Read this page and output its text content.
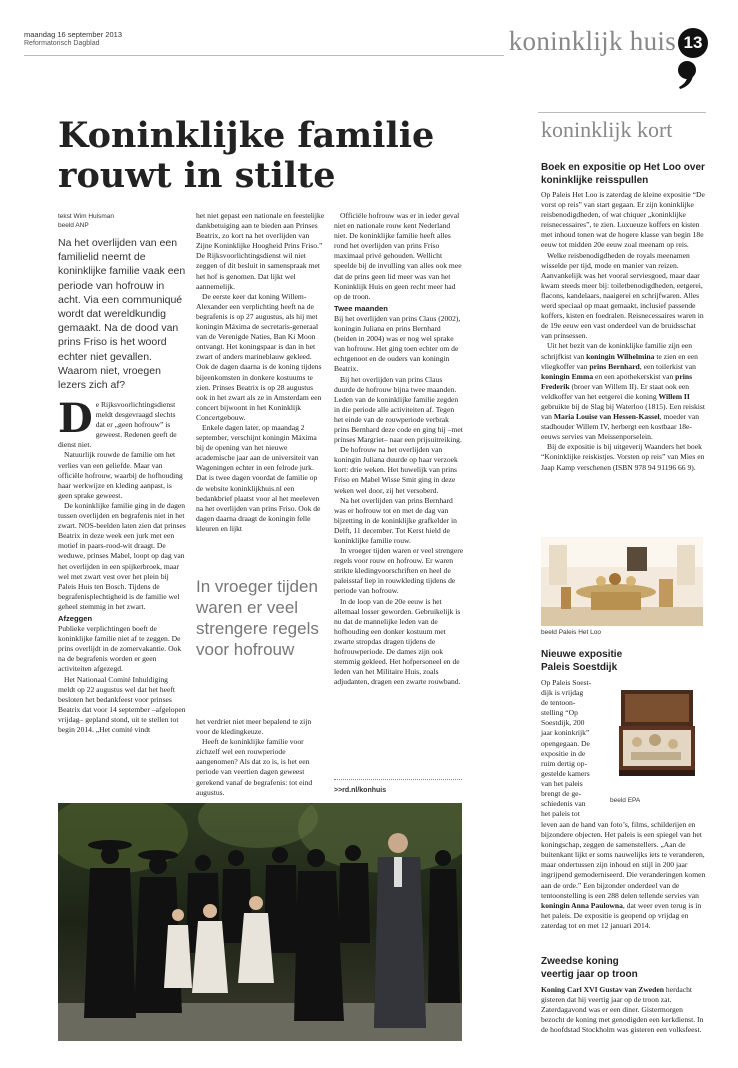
maandag 16 september 2013
Reformatorisch Dagblad	koninklijk huis 13
Koninklijke familie
rouwt in stilte
tekst Wim Hulsman
beeld ANP
Na het overlijden van een familielid neemt de koninklijke familie vaak een periode van hofrouw in acht. Via een communiqué wordt dat wereldkundig gemaakt. Na de dood van prins Friso is het woord echter niet gevallen. Waarom niet, vroegen lezers zich af?

De Rijksvoorlichtingsdienst meldt desgevraagd slechts dat er „geen hofrouw” is geweest. Redenen geeft de dienst niet.

Natuurlijk rouwde de familie om het verlies van een geliefde. Maar van officiële hofrouw, waarbij de hofhouding haar werkwijze en kleding aanpast, is geen sprake geweest.

De koninklijke familie ging in de dagen tussen overlijden en begrafenis niet in het zwart. NOS-beelden laten zien dat prinses Beatrix in deze week een jurk met een motief in paars-rood-wit draagt. De weduwe, prinses Mabel, loopt op dag van het overlijden in een spijkerbroek, maar wel met zwart vest over het plein bij Paleis Huis ten Bosch. Tijdens de begrafenisplechtigheid is de familie wel geheel stemmig in het zwart.

Afzeggen

Publieke verplichtingen boeft de koninklijke familie niet af te zeggen. De prins overlijdt in de zomervakantie. Ook na de begrafenis worden er geen activiteiten afgezegd.

Het Nationaal Comité Inhuldiging meldt op 22 augustus wel dat het heeft besloten het bedankfeest voor prinses Beatrix dat voor 14 september –afgelopen vrijdag– gepland stond, uit te stellen tot begin 2014. „Het comité vindt

het niet gepast een nationale en feestelijke dankbetuiging aan te bieden aan Prinses Beatrix, zo kort na het overlijden van Zijne Koninklijke Hoogheid Prins Friso.” De Rijksvoorlichtingsdienst wil niet zeggen of dit besluit in samenspraak met het hof is genomen. Dat lijkt wel aannemelijk.

De eerste keer dat koning Willem-Alexander een verplichting heeft na de begrafenis is op 27 augustus, als hij met koningin Máxima de secretaris-generaal van de Verenigde Naties, Ban Ki Moon ontvangt. Het koningspaar is dan in het zwart of anders marineblauw gekleed. Ook de dagen daarna is de koning tijdens bijeenkomsten in donkere kostuums te zien. Prinses Beatrix is op 28 augustus ook in het zwart als ze in Amsterdam een concert bijwoont in het Koninklijk Concertgebouw.

Enkele dagen later, op maandag 2 september, verschijnt koningin Máxima bij de opening van het nieuwe academische jaar aan de universiteit van Wageningen echter in een felrode jurk. Dat is twee dagen voordat de familie op de website koninklijkhuis.nl een bedankbrief plaatst voor al het meeleven na het overlijden van prins Friso. Ook de dagen daarna draagt de koningin felle kleuren en lijkt

In vroeger tijden waren er veel strengere regels voor hofrouw

het verdriet niet meer bepalend te zijn voor de kledingkeuze.

Heeft de koninklijke familie voor zichzelf wel een rouwperiode aangenomen? Als dat zo is, is het een periode van veertien dagen geweest gerekend vanaf de begrafenis: tot eind augustus.

Officiële hofrouw was er in ieder geval niet en nationale rouw kent Nederland niet. De koninklijke familie heeft alles rond het overlijden van prins Friso maximaal privé gehouden. Wellicht speelde bij de invulling van alles ook mee dat de prins geen lid meer was van het Koninklijk Huis en geen recht meer had op de troon.

Twee maanden

Bij het overlijden van prins Claus (2002), koningin Juliana en prins Bernhard (beiden in 2004) was er nog wel sprake van hofrouw. Het ging toen echter om de echtgenoot en de ouders van koningin Beatrix.

Bij het overlijden van prins Claus duurde de hofrouw bijna twee maanden. Leden van de koninklijke familie zegden in die periode alle activiteiten af. Tegen het einde van de rouwperiode verbrak prins Bernhard deze code en ging hij –met prinses Margriet– naar een prijsuitreiking.

De hofrouw na het overlijden van koningin Juliana duurde op haar verzoek kort: drie weken. Het huwelijk van prins Friso en Mabel Wisse Smit ging in deze weken wel door, zij het versoberd.

Na het overlijden van prins Bernhard was er hofrouw tot en met de dag van bijzetting in de koninklijke grafkelder in Delft, 11 december. Tot Kerst hield de koninklijke familie rouw.

In vroeger tijden waren er veel strengere regels voor rouw en hofrouw. Er waren strikte kledingvoorschriften en heel de paleisstaf liep in rouwkleding tijdens de periode van hofrouw.

In de loop van de 20e eeuw is het allemaal losser geworden. Gebruikelijk is nu dat de mannelijke leden van de hofhouding een donker kostuum met zwarte stropdas dragen tijdens de hofrouwperiode. De dames zijn ook stemmig gekleed. Het hofpersoneel en de leden van het Militaire Huis, zoals adjudanten, dragen een zwarte rouwband.

>>rd.nl/konhuis
koninklijk kort
Boek en expositie op Het Loo over koninklijke reisspullen

Op Paleis Het Loo is zaterdag de kleine expositie “De vorst op reis” van start gegaan. Er zijn koninklijke reisbenodigdheden, of wat chiquer „koninklijke reisnecessaires”, te zien. Luxueuze koffers en kisten met inhoud tonen wat de hogere klasse van begin 18e eeuw tot midden 20e eeuw zoal meenam op reis.

Welke reisbenodigdheden de royals meenamen wisselde per tijd, mode en manier van reizen. Aanvankelijk was het vooral serviesgoed, maar daar kwam steeds meer bij: toiletbenodigdheden, eetgerei, flacons, kandelaars, naaigerei en schrijfwaren. Alles werd speciaal op maat gemaakt, inclusief passende koffers, kisten en foedralen. Reisnecessaires waren in de 19e eeuw een vast onderdeel van de bruidsschat van prinsessen.

Uit het bezit van de koninklijke familie zijn een schrijfkist van koningin Wilhelmina te zien en een vliegkoffer van prins Bernhard, een toilerkist van koningin Emma en een apothekerskist van prins Frederik (broer van Willem II). Er staat ook een veldkoffer van het eetgerei die koning Willem II gebruikte bij de Slag bij Waterloo (1815). Een reiskist van Maria Louise van Hessen-Kassel, moeder van stadhouder Willem IV, herbergt een kostbaar 18e-eeuws servies van Meissenporselein.

Bij de expositie is bij uitgeverij Waanders het boek “Koninklijke reiskistjes. Vorsten op reis” van Mies en Jaap Kamp verschenen (ISBN 978 94 91196 66 9).

beeld Paleis Het Loo
Nieuwe expositie
Paleis Soestdijk
Op Paleis Soest-
dijk is vrijdag
de tentoon-
stelling “Op
Soestdijk, 200
jaar koninkrijk”
opengegaan. De
expositie in de
ruim dertig op-
gestelde kamers
van het paleis
brengt de ge-
schiedenis van
het paleis tot
beeld EPA

leven aan de hand van foto’s, films, schilderijen en bijzondere objecten. Het paleis is een spiegel van het koningschap, zeggen de samenstellers. „Aan de buitenkant lijkt er soms nauwelijks iets te veranderen, maar ondertussen zijn inhoud en stijl in 200 jaar ingrijpend gemoderniseerd. Die veranderingen komen aan de orde.” Een bijzonder onderdeel van de tentoonstelling is een 288 delen tellende servies van koningin Anna Paulowna, dat weer even terug is in het paleis. De expositie is geopend op vrijdag en zaterdag tot en met 12 januari 2014.

Zweedse koning
veertig jaar op troon

Koning Carl XVI Gustav van Zweden herdacht gisteren dat hij veertig jaar op de troon zat. Zaterdagavond was er een diner. Gistermorgen bezocht de koning met genodigden een kerkdienst. In de hoofdstad Stockholm was gisteren een volksfeest.
